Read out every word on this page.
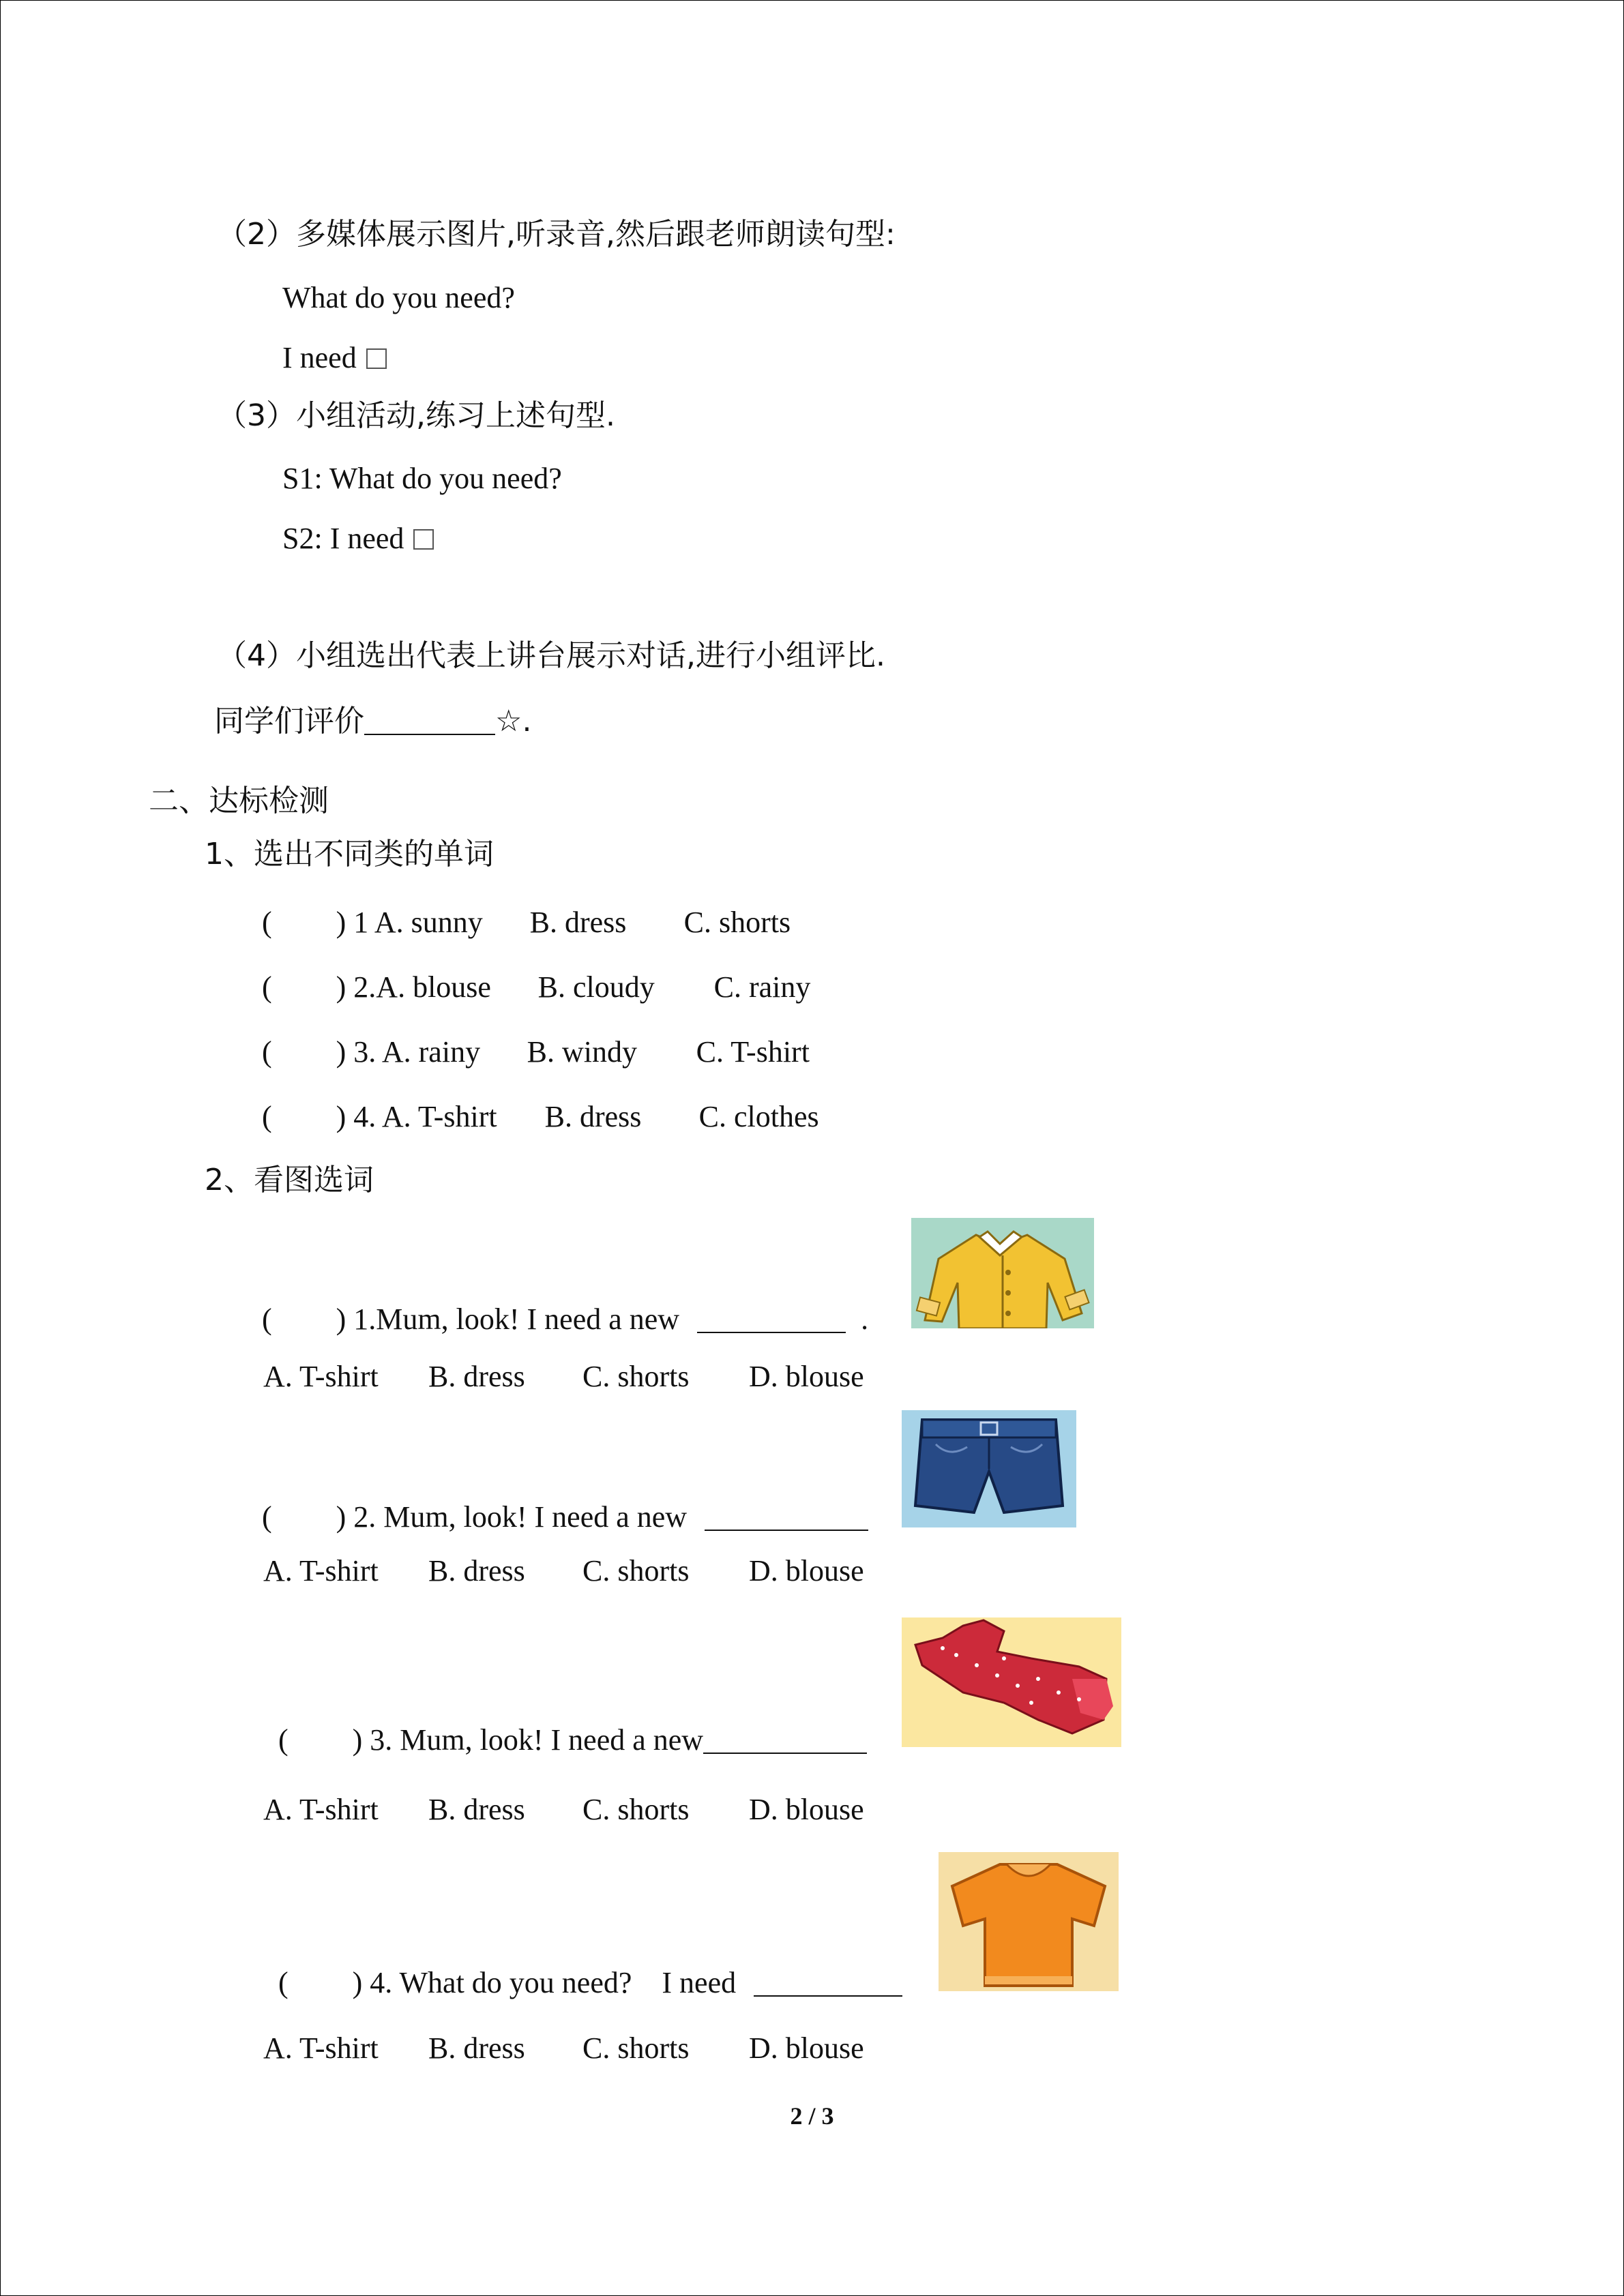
（2）多媒体展示图片,听录音,然后跟老师朗读句型:
What do you need?
I need
（3）小组活动,练习上述句型.
S1: What do you need?
S2: I need
（4）小组选出代表上讲台展示对话,进行小组评比.
同学们评价	☆.
二、达标检测
1、选出不同类的单词
( ) 1 A. sunny B. dress C. shorts
( ) 2.A. blouse B. cloudy C. rainy
( ) 3. A. rainy B. windy C. T-shirt
( ) 4. A. T-shirt B. dress C. clothes
2、看图选词
( ) 1.Mum, look! I need a new	.
A. T-shirt B. dress C. shorts D. blouse
( ) 2. Mum, look! I need a new
A. T-shirt B. dress C. shorts D. blouse
( ) 3. Mum, look! I need a new
A. T-shirt B. dress C. shorts D. blouse
( ) 4. What do you need?    I need
A. T-shirt B. dress C. shorts D. blouse
2 / 3
